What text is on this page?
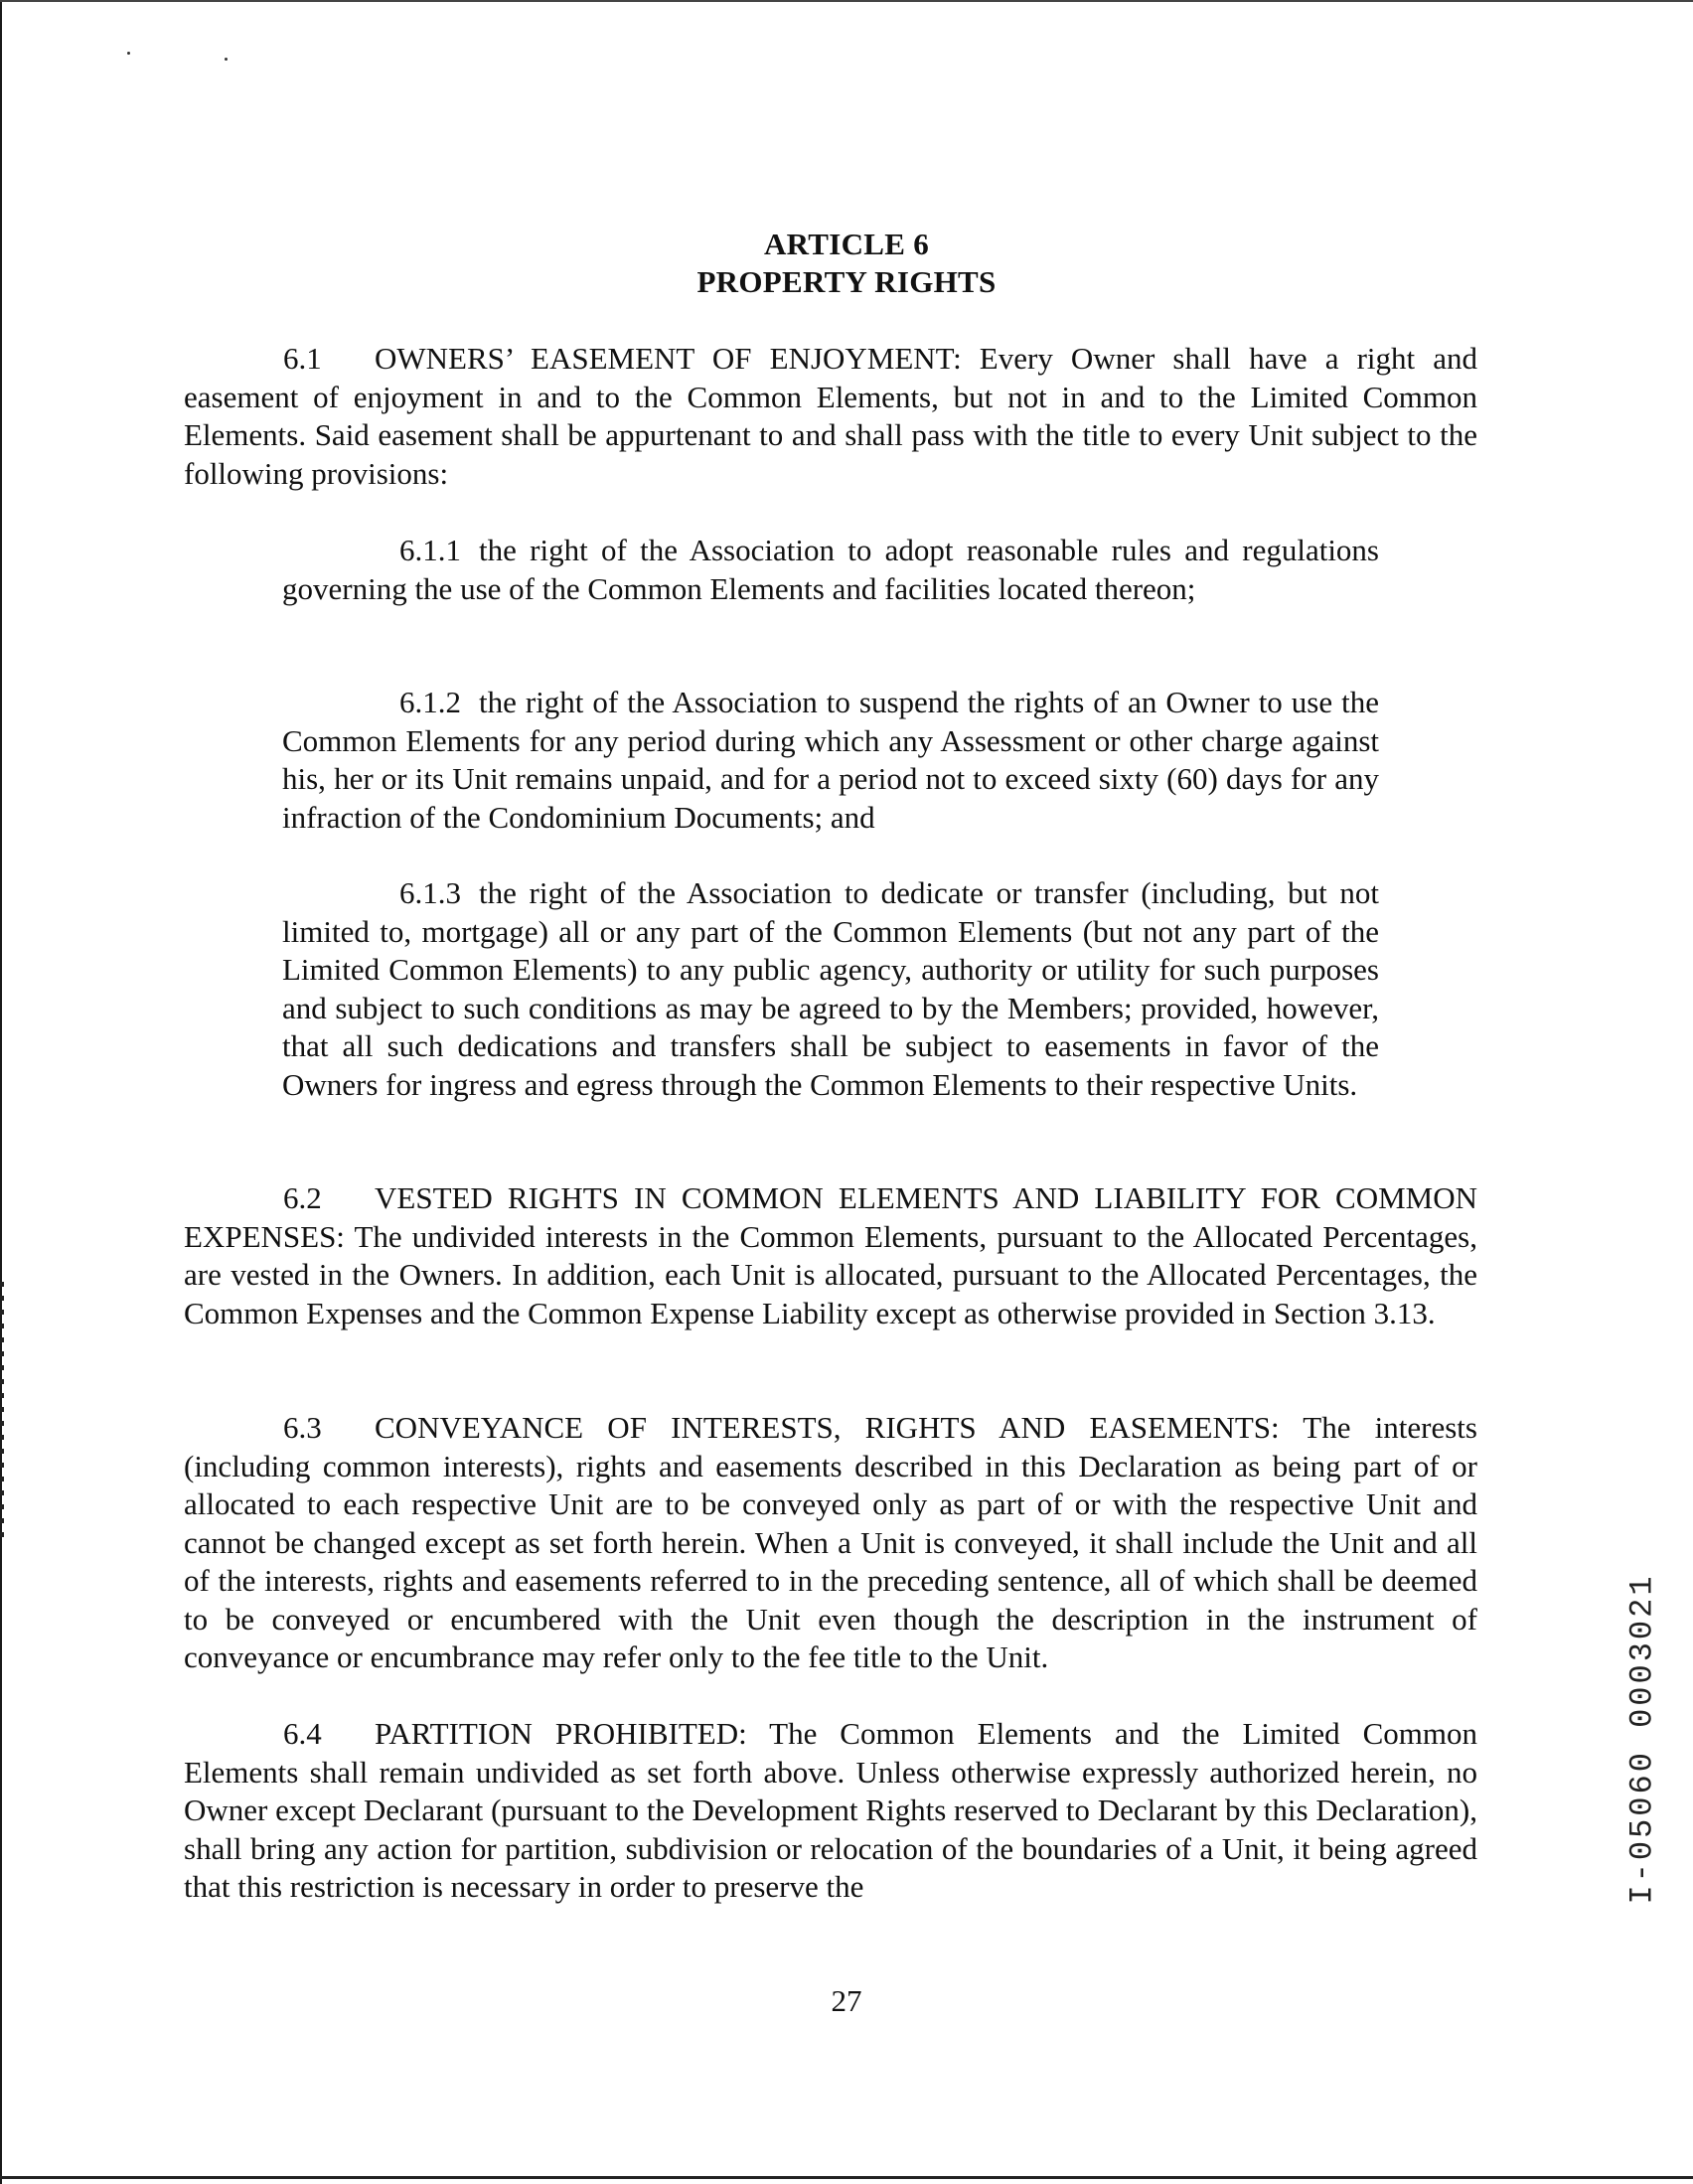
ARTICLE 6
PROPERTY RIGHTS

6.1 OWNERS’ EASEMENT OF ENJOYMENT: Every Owner shall have a right and easement of enjoyment in and to the Common Elements, but not in and to the Limited Common Elements. Said easement shall be appurtenant to and shall pass with the title to every Unit subject to the following provisions:

6.1.1 the right of the Association to adopt reasonable rules and regulations governing the use of the Common Elements and facilities located thereon;

6.1.2 the right of the Association to suspend the rights of an Owner to use the Common Elements for any period during which any Assessment or other charge against his, her or its Unit remains unpaid, and for a period not to exceed sixty (60) days for any infraction of the Condominium Documents; and

6.1.3 the right of the Association to dedicate or transfer (including, but not limited to, mortgage) all or any part of the Common Elements (but not any part of the Limited Common Elements) to any public agency, authority or utility for such purposes and subject to such conditions as may be agreed to by the Members; provided, however, that all such dedications and transfers shall be subject to easements in favor of the Owners for ingress and egress through the Common Elements to their respective Units.

6.2 VESTED RIGHTS IN COMMON ELEMENTS AND LIABILITY FOR COMMON EXPENSES: The undivided interests in the Common Elements, pursuant to the Allocated Percentages, are vested in the Owners. In addition, each Unit is allocated, pursuant to the Allocated Percentages, the Common Expenses and the Common Expense Liability except as otherwise provided in Section 3.13.

6.3 CONVEYANCE OF INTERESTS, RIGHTS AND EASEMENTS: The interests (including common interests), rights and easements described in this Declaration as being part of or allocated to each respective Unit are to be conveyed only as part of or with the respective Unit and cannot be changed except as set forth herein. When a Unit is conveyed, it shall include the Unit and all of the interests, rights and easements referred to in the preceding sentence, all of which shall be deemed to be conveyed or encumbered with the Unit even though the description in the instrument of conveyance or encumbrance may refer only to the fee title to the Unit.

6.4 PARTITION PROHIBITED: The Common Elements and the Limited Common Elements shall remain undivided as set forth above. Unless otherwise expressly authorized herein, no Owner except Declarant (pursuant to the Development Rights reserved to Declarant by this Declaration), shall bring any action for partition, subdivision or relocation of the boundaries of a Unit, it being agreed that this restriction is necessary in order to preserve the

27
I-05060 0003021
